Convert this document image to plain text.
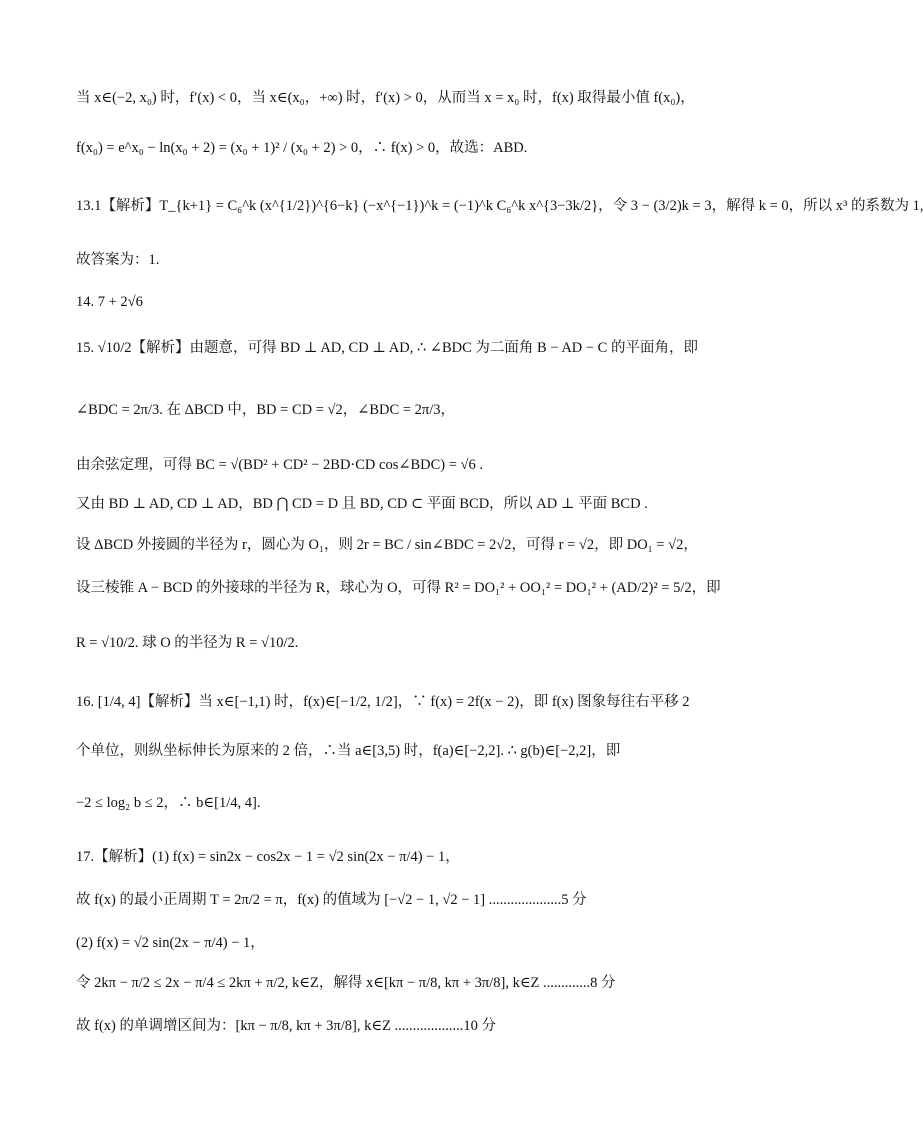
当 x∈(−2, x₀) 时，f′(x) < 0，当 x∈(x₀，+∞) 时，f′(x) > 0，从而当 x = x₀ 时，f(x) 取得最小值 f(x₀)，
f(x₀) = e^x₀ − ln(x₀ + 2) = (x₀ + 1)² / (x₀ + 2) > 0，∴ f(x) > 0，故选：ABD.
13.1【解析】T_{k+1} = C₆^k (x^{1/2})^{6−k} (−x^{−1})^k = (−1)^k C₆^k x^{3−3k/2}，令 3 − (3/2)k = 3，解得 k = 0，所以 x³ 的系数为 1,
故答案为：1.
14. 7 + 2√6
15. √10/2【解析】由题意，可得 BD ⊥ AD, CD ⊥ AD, ∴ ∠BDC 为二面角 B − AD − C 的平面角，即
∠BDC = 2π/3. 在 ΔBCD 中，BD = CD = √2，∠BDC = 2π/3，
由余弦定理，可得 BC = √(BD² + CD² − 2BD·CD cos∠BDC) = √6 .
又由 BD ⊥ AD, CD ⊥ AD，BD ⋂ CD = D 且 BD, CD ⊂ 平面 BCD，所以 AD ⊥ 平面 BCD .
设 ΔBCD 外接圆的半径为 r，圆心为 O₁，则 2r = BC / sin∠BDC = 2√2，可得 r = √2，即 DO₁ = √2，
设三棱锥 A − BCD 的外接球的半径为 R，球心为 O，可得 R² = DO₁² + OO₁² = DO₁² + (AD/2)² = 5/2，即
R = √10/2. 球 O 的半径为 R = √10/2.
16. [1/4, 4]【解析】当 x∈[−1,1) 时，f(x)∈[−1/2, 1/2]，∵ f(x) = 2f(x − 2)，即 f(x) 图象每往右平移 2
个单位，则纵坐标伸长为原来的 2 倍，∴当 a∈[3,5) 时，f(a)∈[−2,2]. ∴ g(b)∈[−2,2]，即
−2 ≤ log₂ b ≤ 2，∴ b∈[1/4, 4].
17.【解析】(1) f(x) = sin2x − cos2x − 1 = √2 sin(2x − π/4) − 1，
故 f(x) 的最小正周期 T = 2π/2 = π，f(x) 的值域为 [−√2 − 1, √2 − 1] ....................5 分
(2) f(x) = √2 sin(2x − π/4) − 1，
令 2kπ − π/2 ≤ 2x − π/4 ≤ 2kπ + π/2, k∈Z，解得 x∈[kπ − π/8, kπ + 3π/8], k∈Z .............8 分
故 f(x) 的单调增区间为：[kπ − π/8, kπ + 3π/8], k∈Z ...................10 分
